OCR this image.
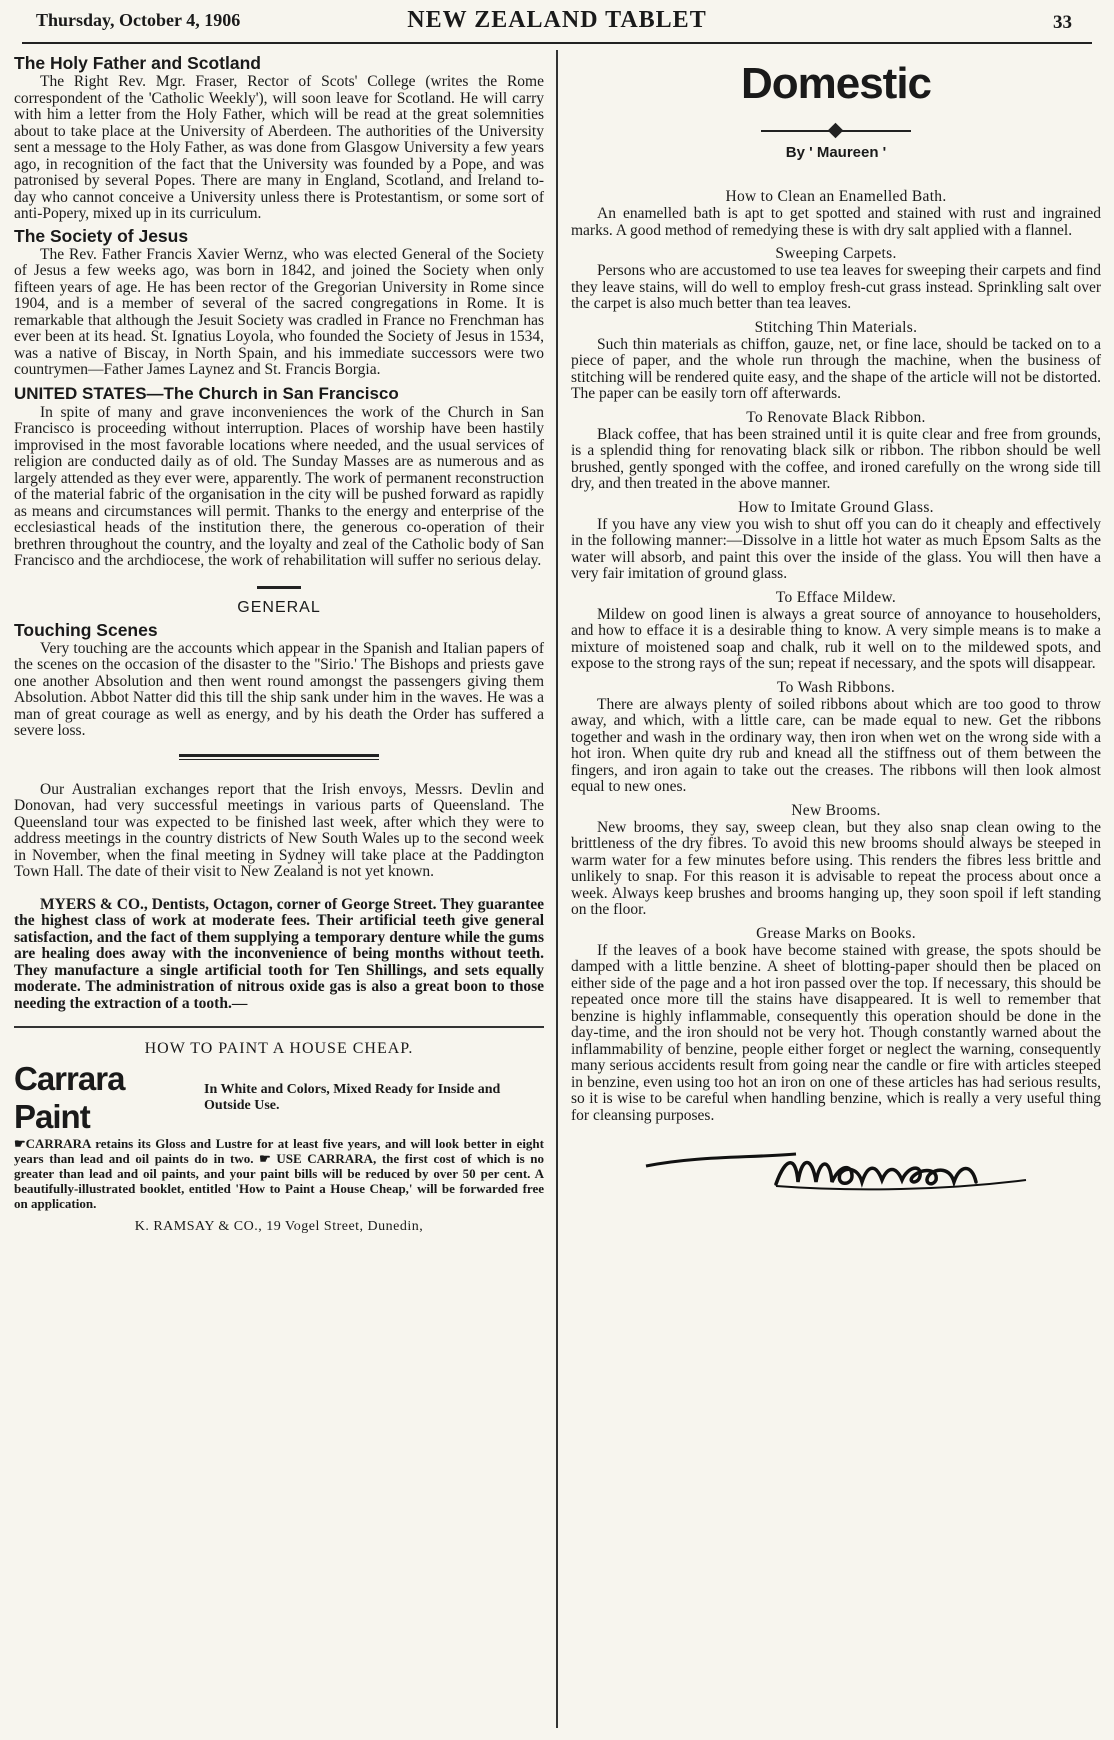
Thursday, October 4, 1906	NEW ZEALAND TABLET	33
The Holy Father and Scotland

The Right Rev. Mgr. Fraser, Rector of Scots' College (writes the Rome correspondent of the 'Catholic Weekly'), will soon leave for Scotland. He will carry with him a letter from the Holy Father, which will be read at the great solemnities about to take place at the University of Aberdeen. The authorities of the University sent a message to the Holy Father, as was done from Glasgow University a few years ago, in recognition of the fact that the University was founded by a Pope, and was patronised by several Popes. There are many in England, Scotland, and Ireland to-day who cannot conceive a University unless there is Protestantism, or some sort of anti-Popery, mixed up in its curriculum.

The Society of Jesus

The Rev. Father Francis Xavier Wernz, who was elected General of the Society of Jesus a few weeks ago, was born in 1842, and joined the Society when only fifteen years of age. He has been rector of the Gregorian University in Rome since 1904, and is a member of several of the sacred congregations in Rome. It is remarkable that although the Jesuit Society was cradled in France no Frenchman has ever been at its head. St. Ignatius Loyola, who founded the Society of Jesus in 1534, was a native of Biscay, in North Spain, and his immediate successors were two countrymen—Father James Laynez and St. Francis Borgia.

UNITED STATES—The Church in San Francisco

In spite of many and grave inconveniences the work of the Church in San Francisco is proceeding without interruption. Places of worship have been hastily improvised in the most favorable locations where needed, and the usual services of religion are conducted daily as of old. The Sunday Masses are as numerous and as largely attended as they ever were, apparently. The work of permanent reconstruction of the material fabric of the organisation in the city will be pushed forward as rapidly as means and circumstances will permit. Thanks to the energy and enterprise of the ecclesiastical heads of the institution there, the generous co-operation of their brethren throughout the country, and the loyalty and zeal of the Catholic body of San Francisco and the archdiocese, the work of rehabilitation will suffer no serious delay.

GENERAL
Touching Scenes

Very touching are the accounts which appear in the Spanish and Italian papers of the scenes on the occasion of the disaster to the ''Sirio.' The Bishops and priests gave one another Absolution and then went round amongst the passengers giving them Absolution. Abbot Natter did this till the ship sank under him in the waves. He was a man of great courage as well as energy, and by his death the Order has suffered a severe loss.

Our Australian exchanges report that the Irish envoys, Messrs. Devlin and Donovan, had very successful meetings in various parts of Queensland. The Queensland tour was expected to be finished last week, after which they were to address meetings in the country districts of New South Wales up to the second week in November, when the final meeting in Sydney will take place at the Paddington Town Hall. The date of their visit to New Zealand is not yet known.

MYERS & CO., Dentists, Octagon, corner of George Street. They guarantee the highest class of work at moderate fees. Their artificial teeth give general satisfaction, and the fact of them supplying a temporary denture while the gums are healing does away with the inconvenience of being months without teeth. They manufacture a single artificial tooth for Ten Shillings, and sets equally moderate. The administration of nitrous oxide gas is also a great boon to those needing the extraction of a tooth.—

HOW TO PAINT A HOUSE CHEAP.
Carrara Paint
In White and Colors, Mixed Ready for Inside and Outside Use.

☛CARRARA retains its Gloss and Lustre for at least five years, and will look better in eight years than lead and oil paints do in two. ☛ USE CARRARA, the first cost of which is no greater than lead and oil paints, and your paint bills will be reduced by over 50 per cent. A beautifully-illustrated booklet, entitled 'How to Paint a House Cheap,' will be forwarded free on application.

K. RAMSAY & CO., 19 Vogel Street, Dunedin,
Domestic
By ' Maureen '
How to Clean an Enamelled Bath.

An enamelled bath is apt to get spotted and stained with rust and ingrained marks. A good method of remedying these is with dry salt applied with a flannel.

Sweeping Carpets.

Persons who are accustomed to use tea leaves for sweeping their carpets and find they leave stains, will do well to employ fresh-cut grass instead. Sprinkling salt over the carpet is also much better than tea leaves.

Stitching Thin Materials.

Such thin materials as chiffon, gauze, net, or fine lace, should be tacked on to a piece of paper, and the whole run through the machine, when the business of stitching will be rendered quite easy, and the shape of the article will not be distorted. The paper can be easily torn off afterwards.

To Renovate Black Ribbon.

Black coffee, that has been strained until it is quite clear and free from grounds, is a splendid thing for renovating black silk or ribbon. The ribbon should be well brushed, gently sponged with the coffee, and ironed carefully on the wrong side till dry, and then treated in the above manner.

How to Imitate Ground Glass.

If you have any view you wish to shut off you can do it cheaply and effectively in the following manner:—Dissolve in a little hot water as much Epsom Salts as the water will absorb, and paint this over the inside of the glass. You will then have a very fair imitation of ground glass.

To Efface Mildew.

Mildew on good linen is always a great source of annoyance to householders, and how to efface it is a desirable thing to know. A very simple means is to make a mixture of moistened soap and chalk, rub it well on to the mildewed spots, and expose to the strong rays of the sun; repeat if necessary, and the spots will disappear.

To Wash Ribbons.

There are always plenty of soiled ribbons about which are too good to throw away, and which, with a little care, can be made equal to new. Get the ribbons together and wash in the ordinary way, then iron when wet on the wrong side with a hot iron. When quite dry rub and knead all the stiffness out of them between the fingers, and iron again to take out the creases. The ribbons will then look almost equal to new ones.

New Brooms.

New brooms, they say, sweep clean, but they also snap clean owing to the brittleness of the dry fibres. To avoid this new brooms should always be steeped in warm water for a few minutes before using. This renders the fibres less brittle and unlikely to snap. For this reason it is advisable to repeat the process about once a week. Always keep brushes and brooms hanging up, they soon spoil if left standing on the floor.

Grease Marks on Books.

If the leaves of a book have become stained with grease, the spots should be damped with a little benzine. A sheet of blotting-paper should then be placed on either side of the page and a hot iron passed over the top. If necessary, this should be repeated once more till the stains have disappeared. It is well to remember that benzine is highly inflammable, consequently this operation should be done in the day-time, and the iron should not be very hot. Though constantly warned about the inflammability of benzine, people either forget or neglect the warning, consequently many serious accidents result from going near the candle or fire with articles steeped in benzine, even using too hot an iron on one of these articles has had serious results, so it is wise to be careful when handling benzine, which is really a very useful thing for cleansing purposes.
